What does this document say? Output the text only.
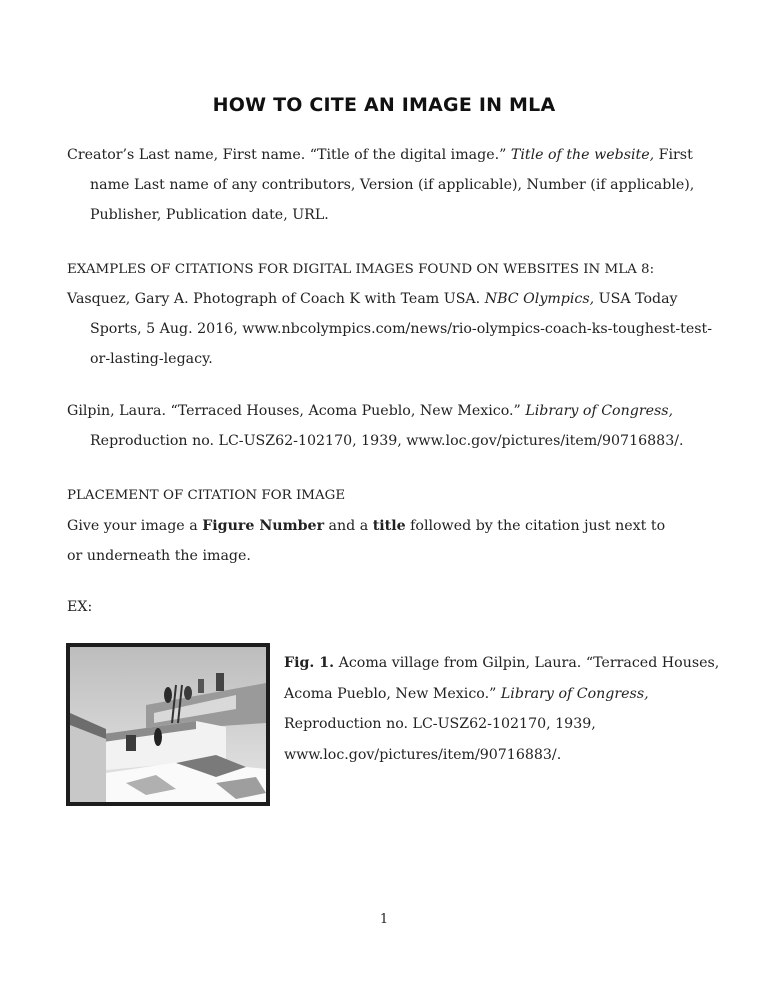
HOW TO CITE AN IMAGE IN MLA
Creator’s Last name, First name. “Title of the digital image.” Title of the website, First name Last name of any contributors, Version (if applicable), Number (if applicable), Publisher, Publication date, URL.
EXAMPLES OF CITATIONS FOR DIGITAL IMAGES FOUND ON WEBSITES IN MLA 8:
Vasquez, Gary A. Photograph of Coach K with Team USA. NBC Olympics, USA Today Sports, 5 Aug. 2016, www.nbcolympics.com/news/rio-olympics-coach-ks-toughest-test-or-lasting-legacy.
Gilpin, Laura. “Terraced Houses, Acoma Pueblo, New Mexico.” Library of Congress, Reproduction no. LC-USZ62-102170, 1939, www.loc.gov/pictures/item/90716883/.
PLACEMENT OF CITATION FOR IMAGE
Give your image a Figure Number and a title followed by the citation just next to or underneath the image.
EX:
Fig. 1. Acoma village from Gilpin, Laura. “Terraced Houses, Acoma Pueblo, New Mexico.” Library of Congress, Reproduction no. LC-USZ62-102170, 1939, www.loc.gov/pictures/item/90716883/.
1
